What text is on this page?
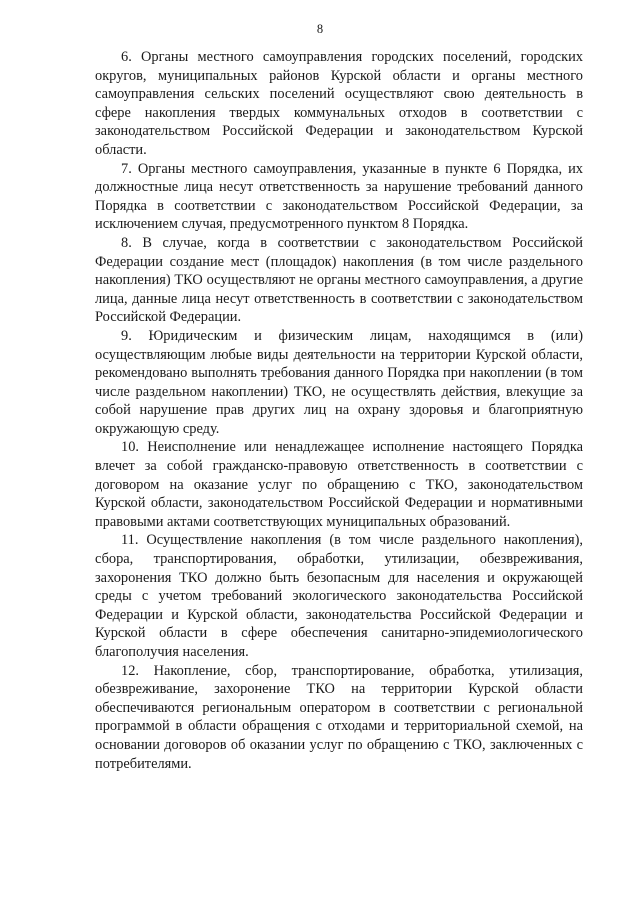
8

6. Органы местного самоуправления городских поселений, городских округов, муниципальных районов Курской области и органы местного самоуправления сельских поселений осуществляют свою деятельность в сфере накопления твердых коммунальных отходов в соответствии с законодательством Российской Федерации и законодательством Курской области.

7. Органы местного самоуправления, указанные в пункте 6 Порядка, их должностные лица несут ответственность за нарушение требований данного Порядка в соответствии с законодательством Российской Федерации, за исключением случая, предусмотренного пунктом 8 Порядка.

8. В случае, когда в соответствии с законодательством Российской Федерации создание мест (площадок) накопления (в том числе раздельного накопления) ТКО осуществляют не органы местного самоуправления, а другие лица, данные лица несут ответственность в соответствии с законодательством Российской Федерации.

9. Юридическим и физическим лицам, находящимся в (или) осуществляющим любые виды деятельности на территории Курской области, рекомендовано выполнять требования данного Порядка при накоплении (в том числе раздельном накоплении) ТКО, не осуществлять действия, влекущие за собой нарушение прав других лиц на охрану здоровья и благоприятную окружающую среду.

10. Неисполнение или ненадлежащее исполнение настоящего Порядка влечет за собой гражданско-правовую ответственность в соответствии с договором на оказание услуг по обращению с ТКО, законодательством Курской области, законодательством Российской Федерации и нормативными правовыми актами соответствующих муниципальных образований.

11. Осуществление накопления (в том числе раздельного накопления), сбора, транспортирования, обработки, утилизации, обезвреживания, захоронения ТКО должно быть безопасным для населения и окружающей среды с учетом требований экологического законодательства Российской Федерации и Курской области, законодательства Российской Федерации и Курской области в сфере обеспечения санитарно-эпидемиологического благополучия населения.

12. Накопление, сбор, транспортирование, обработка, утилизация, обезвреживание, захоронение ТКО на территории Курской области обеспечиваются региональным оператором в соответствии с региональной программой в области обращения с отходами и территориальной схемой, на основании договоров об оказании услуг по обращению с ТКО, заключенных с потребителями.
